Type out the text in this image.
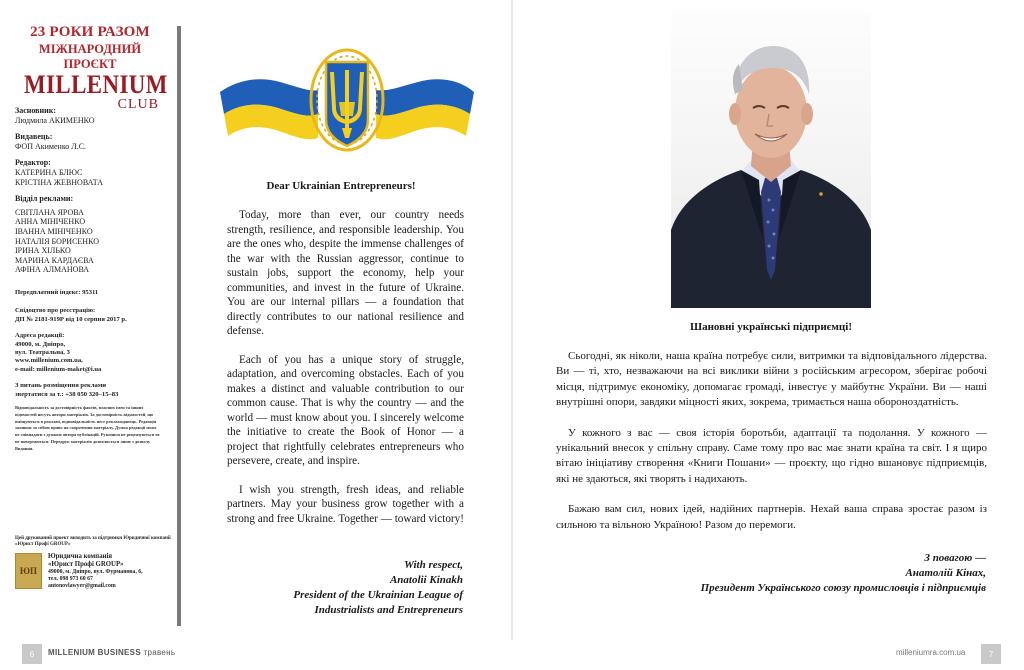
23 РОКИ РАЗОМ
МІЖНАРОДНИЙ ПРОЄКТ
MILLENIUM
CLUB
Засновник:
Людмила АКИМЕНКО
Видавець:
ФОП Акименко Л.С.
Редактор:
КАТЕРИНА БЛЮС
КРІСТІНА ЖЕВНОВАТА
Відділ реклами:
СВІТЛАНА ЯРОВА
АННА МІНІЧЕНКО
ІВАННА МІНІЧЕНКО
НАТАЛІЯ БОРИСЕНКО
ІРИНА ХІЛЬКО
МАРИНА КАРДАЄВА
АФІНА АЛМАНОВА
Передплатний індекс: 95311
Свідоцтво про реєстрацію:
ДП № 2181-919Р від 10 серпня 2017 р.
Адреса редакції:
49000, м. Дніпро,
вул. Театральна, 3
www.millenium.com.ua,
e-mail: millenium-maket@i.ua
З питань розміщення реклами
звертатися за т.: +38 050 320–15–83
Відповідальність за достовірність фактів, власних імен та інших відомостей несуть автори матеріалів. За достовірність відомостей, що вміщуються в рекламі, відповідальність несе рекламодавець. Редакція залишає за собою право на скорочення матеріалу. Думка редакції може не співпадати з думкою автора публікацій. Рукописи не рецензуються та не повертаються. Передрук матеріалів дозволяється лише з дозволу Видання.
Цей друкований проект виходить за підтримки Юридичної компанії «Юрист Профі GROUP»
ЮП
Юридична компанія
«Юрист Профі GROUP»
49000, м. Дніпро, вул. Фурманова, 6,
тел. 098 973 60 67
antonovlawyer@gmail.com
Dear Ukrainian Entrepreneurs!

Today, more than ever, our country needs strength, resilience, and responsible leadership. You are the ones who, despite the immense challenges of the war with the Russian aggressor, continue to sustain jobs, support the economy, help your communities, and invest in the future of Ukraine. You are our internal pillars — a foundation that directly contributes to our national resilience and defense.

Each of you has a unique story of struggle, adaptation, and overcoming obstacles. Each of you makes a distinct and valuable contribution to our common cause. That is why the country — and the world — must know about you. I sincerely welcome the initiative to create the Book of Honor — a project that rightfully celebrates entrepreneurs who persevere, create, and inspire.

I wish you strength, fresh ideas, and reliable partners. May your business grow together with a strong and free Ukraine. Together — toward victory!

With respect,
Anatolii Kinakh
President of the Ukrainian League of
Industrialists and Entrepreneurs
Шановні українські підприємці!

Сьогодні, як ніколи, наша країна потребує сили, витримки та відповідального лідерства. Ви — ті, хто, незважаючи на всі виклики війни з російським агресором, зберігає робочі місця, підтримує економіку, допомагає громаді, інвестує у майбутнє України. Ви — наші внутрішні опори, завдяки міцності яких, зокрема, тримається наша обороноздатність.

У кожного з вас — своя історія боротьби, адаптації та подолання. У кожного — унікальний внесок у спільну справу. Саме тому про вас має знати країна та світ. І я щиро вітаю ініціативу створення «Книги Пошани» — проєкту, що гідно вшановує підприємців, які не здаються, які творять і надихають.

Бажаю вам сил, нових ідей, надійних партнерів. Нехай ваша справа зростає разом із сильною та вільною Україною! Разом до перемоги.

З повагою —
Анатолій Кінах,
Президент Українського союзу промисловців і підприємців
6	MILLENIUM BUSINESS травень	milleniumra.com.ua	7
